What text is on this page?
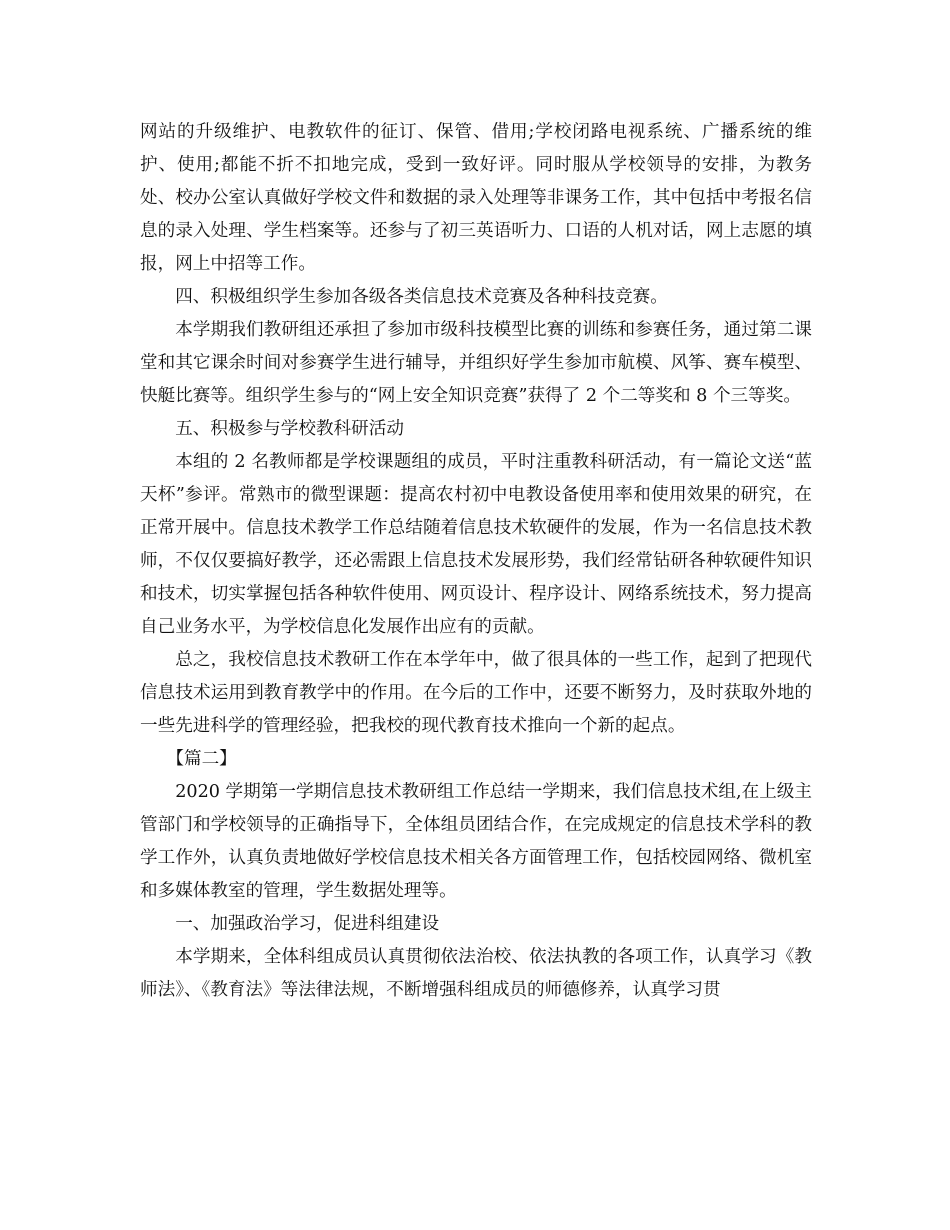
网站的升级维护、电教软件的征订、保管、借用;学校闭路电视系统、广播系统的维护、使用;都能不折不扣地完成，受到一致好评。同时服从学校领导的安排，为教务处、校办公室认真做好学校文件和数据的录入处理等非课务工作，其中包括中考报名信息的录入处理、学生档案等。还参与了初三英语听力、口语的人机对话，网上志愿的填报，网上中招等工作。

四、积极组织学生参加各级各类信息技术竞赛及各种科技竞赛。

本学期我们教研组还承担了参加市级科技模型比赛的训练和参赛任务，通过第二课堂和其它课余时间对参赛学生进行辅导，并组织好学生参加市航模、风筝、赛车模型、快艇比赛等。组织学生参与的“网上安全知识竞赛”获得了 2 个二等奖和 8 个三等奖。

五、积极参与学校教科研活动

本组的 2 名教师都是学校课题组的成员，平时注重教科研活动，有一篇论文送“蓝天杯”参评。常熟市的微型课题：提高农村初中电教设备使用率和使用效果的研究，在正常开展中。信息技术教学工作总结随着信息技术软硬件的发展，作为一名信息技术教师，不仅仅要搞好教学，还必需跟上信息技术发展形势，我们经常钻研各种软硬件知识和技术，切实掌握包括各种软件使用、网页设计、程序设计、网络系统技术，努力提高自己业务水平，为学校信息化发展作出应有的贡献。

总之，我校信息技术教研工作在本学年中，做了很具体的一些工作，起到了把现代信息技术运用到教育教学中的作用。在今后的工作中，还要不断努力，及时获取外地的一些先进科学的管理经验，把我校的现代教育技术推向一个新的起点。

【篇二】

2020 学期第一学期信息技术教研组工作总结一学期来，我们信息技术组,在上级主管部门和学校领导的正确指导下，全体组员团结合作，在完成规定的信息技术学科的教学工作外，认真负责地做好学校信息技术相关各方面管理工作，包括校园网络、微机室和多媒体教室的管理，学生数据处理等。

一、加强政治学习，促进科组建设

本学期来，全体科组成员认真贯彻依法治校、依法执教的各项工作，认真学习《教师法》、《教育法》等法律法规，不断增强科组成员的师德修养，认真学习贯
